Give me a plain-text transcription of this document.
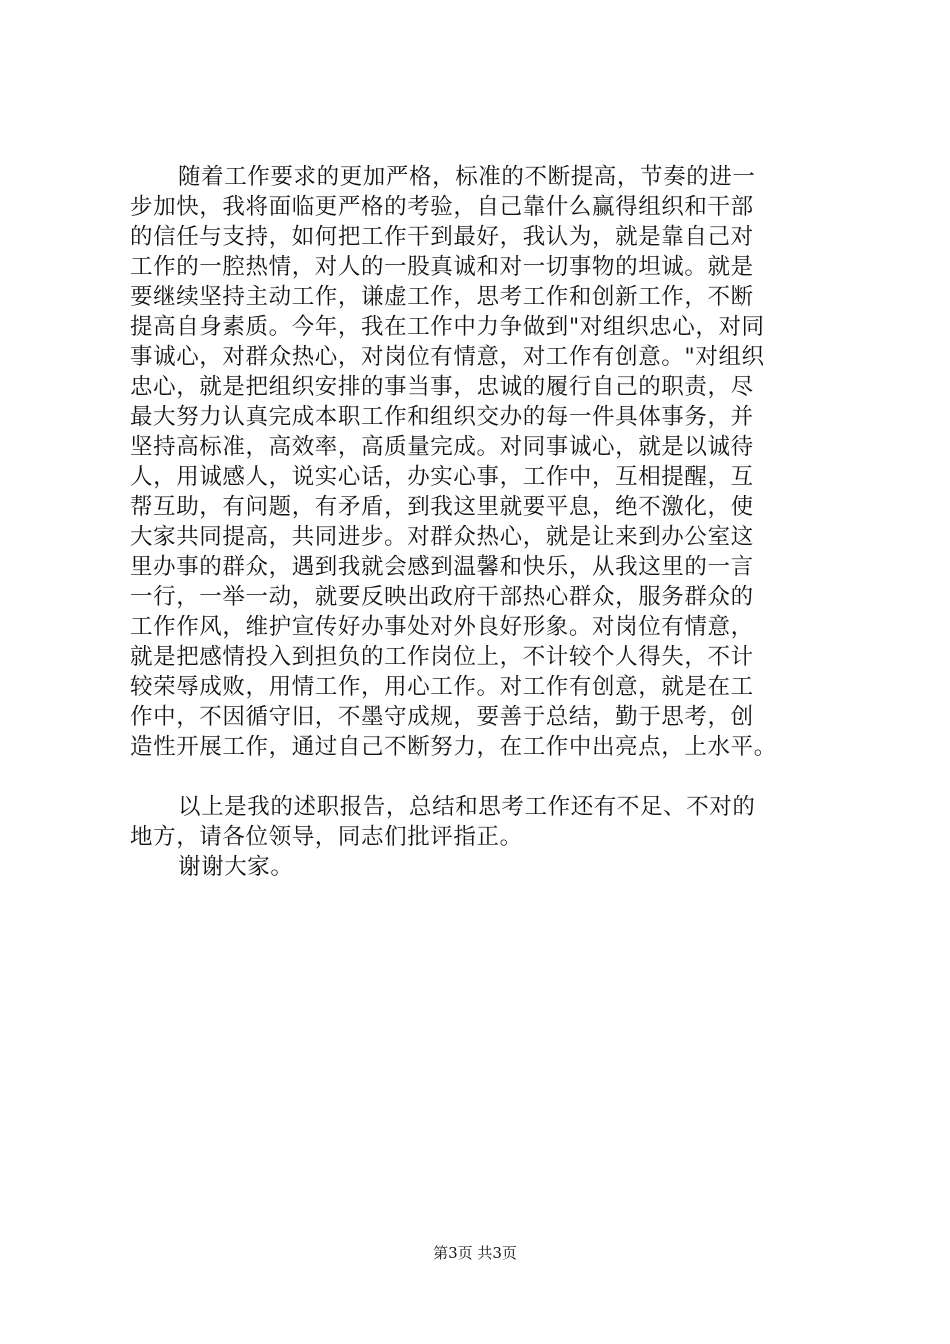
随着工作要求的更加严格，标准的不断提高，节奏的进一
步加快，我将面临更严格的考验，自己靠什么赢得组织和干部
的信任与支持，如何把工作干到最好，我认为，就是靠自己对
工作的一腔热情，对人的一股真诚和对一切事物的坦诚。就是
要继续坚持主动工作，谦虚工作，思考工作和创新工作，不断
提高自身素质。今年，我在工作中力争做到"对组织忠心，对同
事诚心，对群众热心，对岗位有情意，对工作有创意。"对组织
忠心，就是把组织安排的事当事，忠诚的履行自己的职责，尽
最大努力认真完成本职工作和组织交办的每一件具体事务，并
坚持高标准，高效率，高质量完成。对同事诚心，就是以诚待
人，用诚感人，说实心话，办实心事，工作中，互相提醒，互
帮互助，有问题，有矛盾，到我这里就要平息，绝不激化，使
大家共同提高，共同进步。对群众热心，就是让来到办公室这
里办事的群众，遇到我就会感到温馨和快乐，从我这里的一言
一行，一举一动，就要反映出政府干部热心群众，服务群众的
工作作风，维护宣传好办事处对外良好形象。对岗位有情意，
就是把感情投入到担负的工作岗位上，不计较个人得失，不计
较荣辱成败，用情工作，用心工作。对工作有创意，就是在工
作中，不因循守旧，不墨守成规，要善于总结，勤于思考，创
造性开展工作，通过自己不断努力，在工作中出亮点，上水平。
以上是我的述职报告，总结和思考工作还有不足、不对的
地方，请各位领导，同志们批评指正。
谢谢大家。
第3页 共3页
